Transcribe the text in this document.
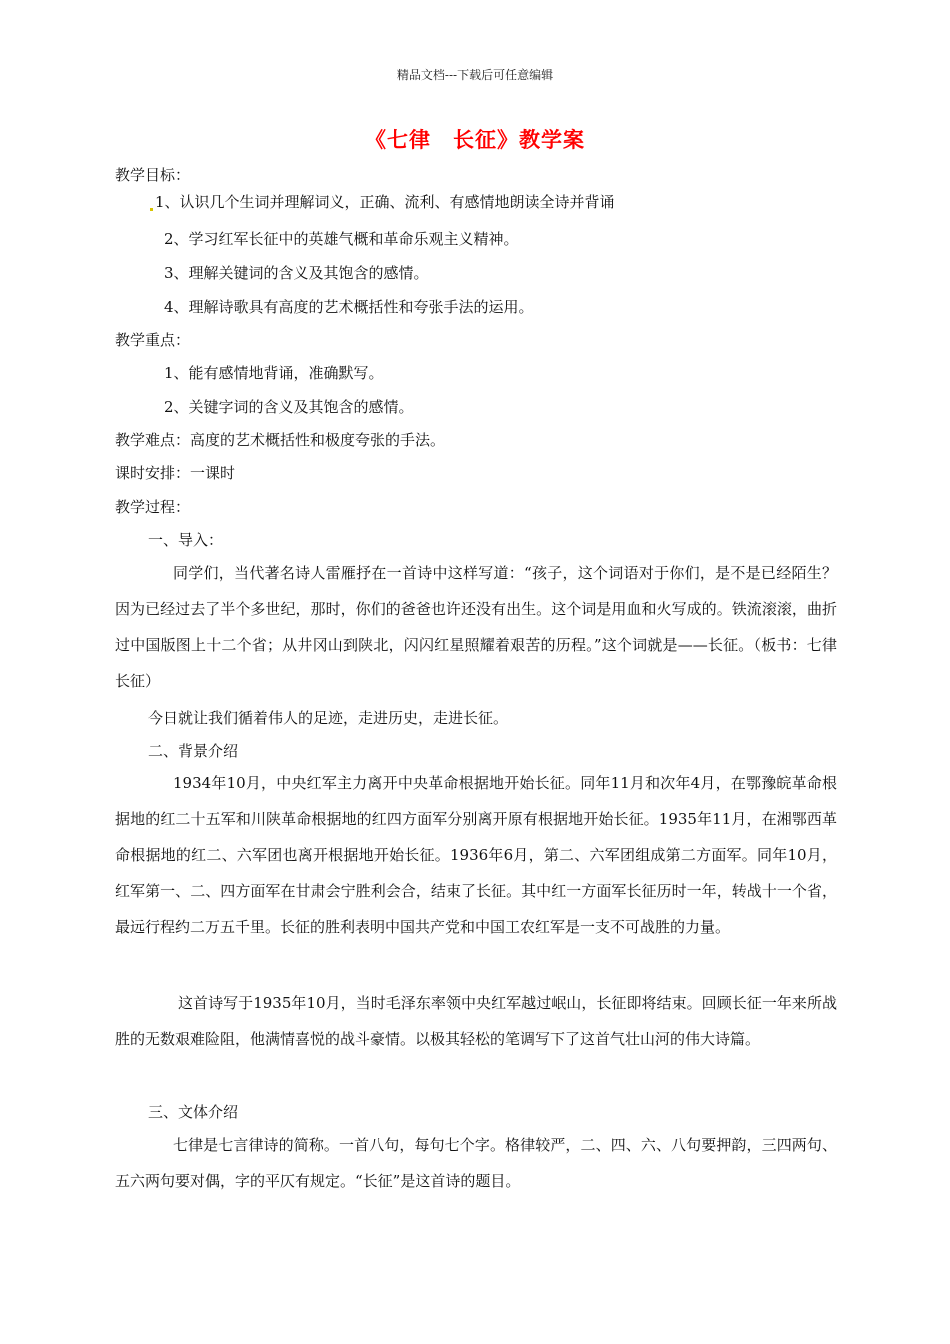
精品文档---下载后可任意编辑
《七律　长征》教学案
教学目标：
1、认识几个生词并理解词义，正确、流利、有感情地朗读全诗并背诵
2、学习红军长征中的英雄气概和革命乐观主义精神。
3、理解关键词的含义及其饱含的感情。
4、理解诗歌具有高度的艺术概括性和夸张手法的运用。
教学重点：
1、能有感情地背诵，准确默写。
2、关键字词的含义及其饱含的感情。
教学难点：高度的艺术概括性和极度夸张的手法。
课时安排：一课时
教学过程：
一、导入：
同学们，当代著名诗人雷雁抒在一首诗中这样写道：“孩子，这个词语对于你们，是不是已经陌生？因为已经过去了半个多世纪，那时，你们的爸爸也许还没有出生。这个词是用血和火写成的。铁流滚滚，曲折过中国版图上十二个省；从井冈山到陕北，闪闪红星照耀着艰苦的历程。”这个词就是——长征。（板书：七律 长征）
今日就让我们循着伟人的足迹，走进历史，走进长征。
二、背景介绍
1934年10月，中央红军主力离开中央革命根据地开始长征。同年11月和次年4月，在鄂豫皖革命根据地的红二十五军和川陕革命根据地的红四方面军分别离开原有根据地开始长征。1935年11月，在湘鄂西革命根据地的红二、六军团也离开根据地开始长征。1936年6月，第二、六军团组成第二方面军。同年10月，红军第一、二、四方面军在甘肃会宁胜利会合，结束了长征。其中红一方面军长征历时一年，转战十一个省，最远行程约二万五千里。长征的胜利表明中国共产党和中国工农红军是一支不可战胜的力量。
这首诗写于1935年10月，当时毛泽东率领中央红军越过岷山，长征即将结束。回顾长征一年来所战胜的无数艰难险阻，他满情喜悦的战斗豪情。以极其轻松的笔调写下了这首气壮山河的伟大诗篇。
三、文体介绍
七律是七言律诗的简称。一首八句，每句七个字。格律较严，二、四、六、八句要押韵，三四两句、五六两句要对偶，字的平仄有规定。“长征”是这首诗的题目。
